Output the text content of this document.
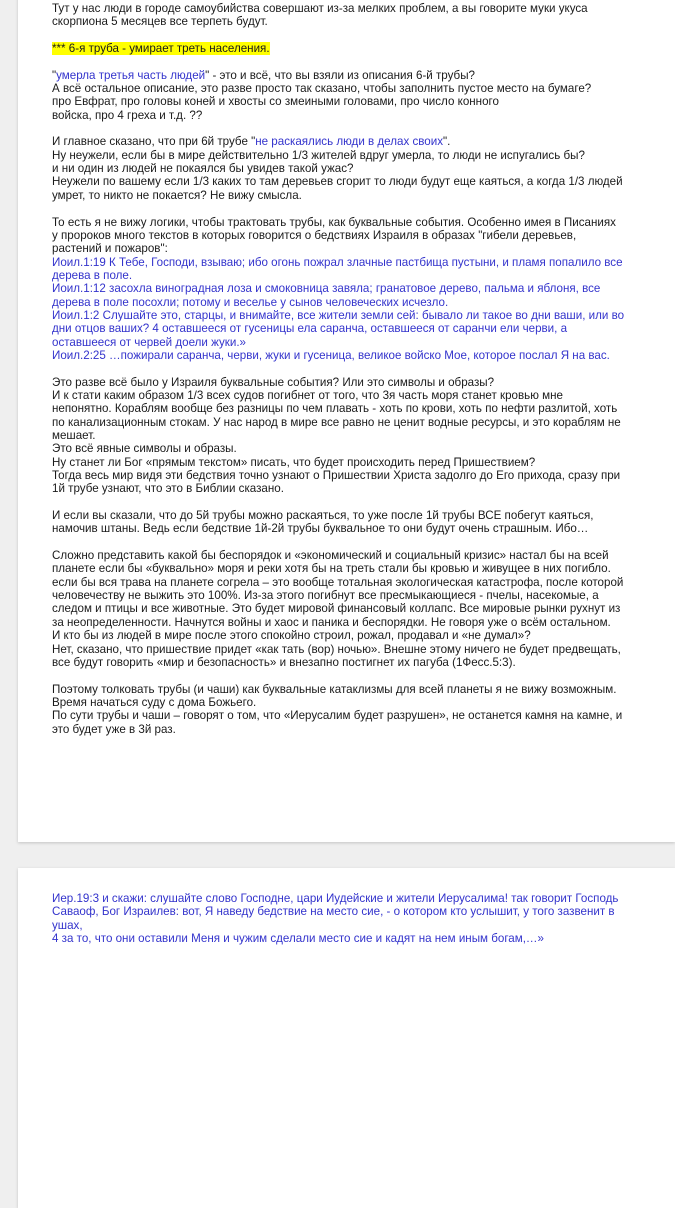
Тут у нас люди в городе самоубийства совершают из-за мелких проблем, а вы говорите муки укуса
скорпиона 5 месяцев все терпеть будут.
*** 6-я труба - умирает треть населения.
"умерла третья часть людей" - это и всё, что вы взяли из описания 6-й трубы?
А всё остальное описание, это разве просто так сказано, чтобы заполнить пустое место на бумаге?
про Евфрат, про головы коней и хвосты со змеиными головами, про число конного
войска, про 4 греха и т.д. ??
И главное сказано, что при 6й трубе "не раскаялись люди в делах своих".
Ну неужели, если бы в мире действительно 1/3 жителей вдруг умерла, то люди не испугались бы?
и ни один из людей не покаялся бы увидев такой ужас?
Неужели по вашему если 1/3 каких то там деревьев сгорит то люди будут еще каяться, а когда 1/3 людей
умрет, то никто не покается? Не вижу смысла.
То есть я не вижу логики, чтобы трактовать трубы, как буквальные события. Особенно имея в Писаниях
у пророков много текстов в которых говорится о бедствиях Израиля в образах "гибели деревьев,
растений и пожаров":
Иоил.1:19 К Тебе, Господи, взываю; ибо огонь пожрал злачные пастбища пустыни, и пламя попалило все
дерева в поле.
Иоил.1:12 засохла виноградная лоза и смоковница завяла; гранатовое дерево, пальма и яблоня, все
дерева в поле посохли; потому и веселье у сынов человеческих исчезло.
Иоил.1:2 Слушайте это, старцы, и внимайте, все жители земли сей: бывало ли такое во дни ваши, или во
дни отцов ваших? 4 оставшееся от гусеницы ела саранча, оставшееся от саранчи ели черви, а
оставшееся от червей доели жуки.»
Иоил.2:25 …пожирали саранча, черви, жуки и гусеница, великое войско Мое, которое послал Я на вас.
Это разве всё было у Израиля буквальные события? Или это символы и образы?
И к стати каким образом 1/3 всех судов погибнет от того, что 3я часть моря станет кровью мне
непонятно. Кораблям вообще без разницы по чем плавать - хоть по крови, хоть по нефти разлитой, хоть
по канализационным стокам. У нас народ в мире все равно не ценит водные ресурсы, и это кораблям не
мешает.
Это всё явные символы и образы.
Ну станет ли Бог «прямым текстом» писать, что будет происходить перед Пришествием?
Тогда весь мир видя эти бедствия точно узнают о Пришествии Христа задолго до Его прихода, сразу при
1й трубе узнают, что это в Библии сказано.
И если вы сказали, что до 5й трубы можно раскаяться, то уже после 1й трубы ВСЕ побегут каяться,
намочив штаны. Ведь если бедствие 1й-2й трубы буквальное то они будут очень страшным. Ибо…
Сложно представить какой бы беспорядок и «экономический и социальный кризис» настал бы на всей
планете если бы «буквально» моря и реки хотя бы на треть стали бы кровью и живущее в них погибло.
если бы вся трава на планете согрела – это вообще тотальная экологическая катастрофа, после которой
человечеству не выжить это 100%. Из-за этого погибнут все пресмыкающиеся - пчелы, насекомые, а
следом и птицы и все животные. Это будет мировой финансовый коллапс. Все мировые рынки рухнут из
за неопределенности. Начнутся войны и хаос и паника и беспорядки. Не говоря уже о всём остальном.
И кто бы из людей в мире после этого спокойно строил, рожал, продавал и «не думал»?
Нет, сказано, что пришествие придет «как тать (вор) ночью». Внешне этому ничего не будет предвещать,
все будут говорить «мир и безопасность» и внезапно постигнет их пагуба (1Фесс.5:3).
Поэтому толковать трубы (и чаши) как буквальные катаклизмы для всей планеты я не вижу возможным.
Время начаться суду с дома Божьего.
По сути трубы и чаши – говорят о том, что «Иерусалим будет разрушен», не останется камня на камне, и
это будет уже в 3й раз.
Иер.19:3 и скажи: слушайте слово Господне, цари Иудейские и жители Иерусалима! так говорит Господь
Саваоф, Бог Израилев: вот, Я наведу бедствие на место сие, - о котором кто услышит, у того зазвенит в
ушах,
4 за то, что они оставили Меня и чужим сделали место сие и кадят на нем иным богам,…»
